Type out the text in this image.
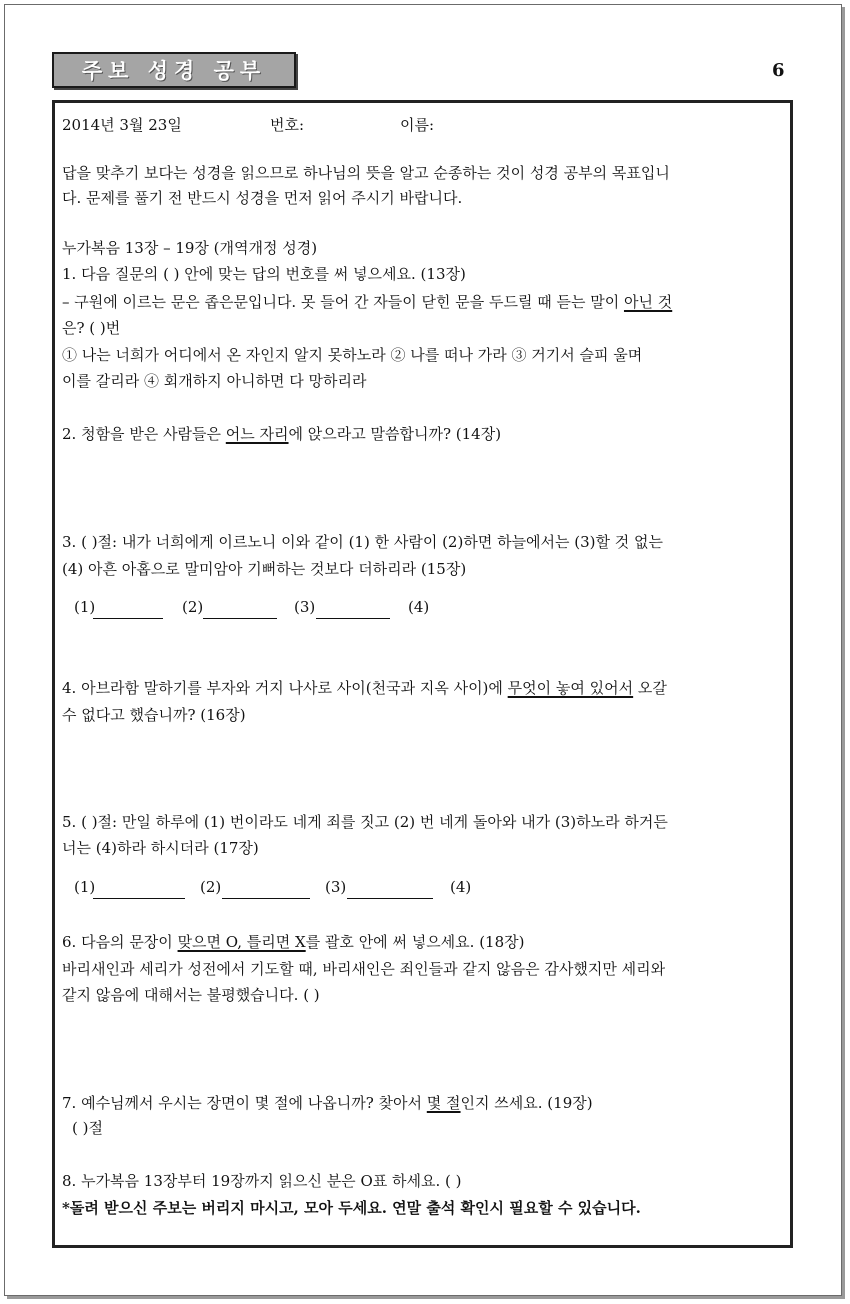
주보 성경 공부	6
2014년 3월 23일	번호:	이름:
답을 맞추기 보다는 성경을 읽으므로 하나님의 뜻을 알고 순종하는 것이 성경 공부의 목표입니
다. 문제를 풀기 전 반드시 성경을 먼저 읽어 주시기 바랍니다.
누가복음 13장 – 19장 (개역개정 성경)
1. 다음 질문의 ( ) 안에 맞는 답의 번호를 써 넣으세요. (13장)
– 구원에 이르는 문은 좁은문입니다. 못 들어 간 자들이 닫힌 문을 두드릴 때 듣는 말이 아닌 것
은? ( )번
① 나는 너희가 어디에서 온 자인지 알지 못하노라 ② 나를 떠나 가라 ③ 거기서 슬피 울며
이를 갈리라 ④ 회개하지 아니하면 다 망하리라
2. 청함을 받은 사람들은 어느 자리에 앉으라고 말씀합니까? (14장)
3. ( )절: 내가 너희에게 이르노니 이와 같이 (1) 한 사람이 (2)하면 하늘에서는 (3)할 것 없는
(4) 아흔 아홉으로 말미암아 기뻐하는 것보다 더하리라 (15장)
(1)	(2)	(3)	(4)
4. 아브라함 말하기를 부자와 거지 나사로 사이(천국과 지옥 사이)에 무엇이 놓여 있어서 오갈
수 없다고 했습니까? (16장)
5. ( )절: 만일 하루에 (1) 번이라도 네게 죄를 짓고 (2) 번 네게 돌아와 내가 (3)하노라 하거든
너는 (4)하라 하시더라 (17장)
(1)	(2)	(3)	(4)
6. 다음의 문장이 맞으면 O, 틀리면 X를 괄호 안에 써 넣으세요. (18장)
바리새인과 세리가 성전에서 기도할 때, 바리새인은 죄인들과 같지 않음은 감사했지만 세리와
같지 않음에 대해서는 불평했습니다. ( )
7. 예수님께서 우시는 장면이 몇 절에 나옵니까? 찾아서 몇 절인지 쓰세요. (19장)
( )절
8. 누가복음 13장부터 19장까지 읽으신 분은 O표 하세요. ( )
*돌려 받으신 주보는 버리지 마시고, 모아 두세요. 연말 출석 확인시 필요할 수 있습니다.
